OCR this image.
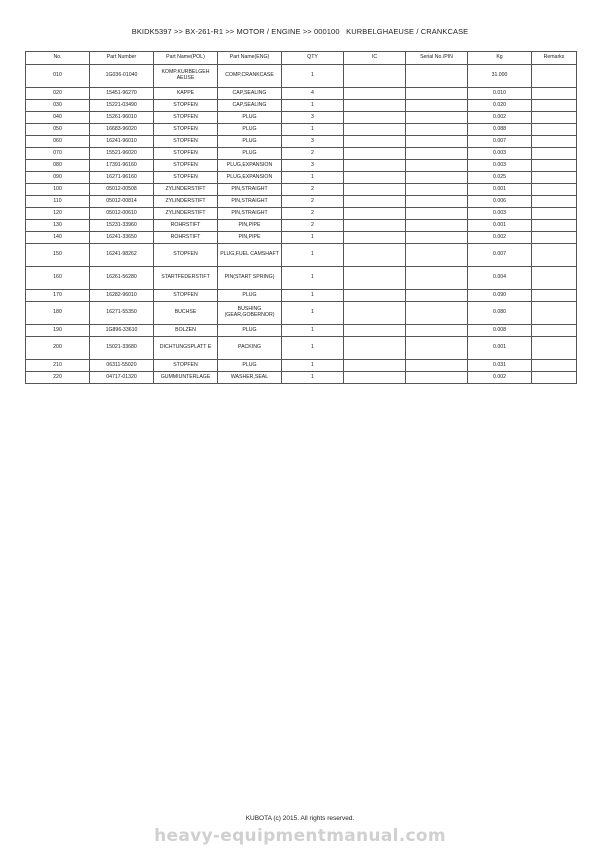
BKIDK5397 >> BX-261-R1 >> MOTOR / ENGINE >> 000100   KURBELGHAEUSE / CRANKCASE
No.	Part Number	Part Name(POL)	Part Name(ENG)	QTY	IC	Serial No./PIN	Kg	Remarks
010	1G036-01040	KOMP.KURBELGEH AEUSE	COMP,CRANKCASE	1			31.000	
020	15451-96270	KAPPE	CAP,SEALING	4			0.010	
030	15221-03490	STOPFEN	CAP,SEALING	1			0.020	
040	15261-96010	STOPFEN	PLUG	3			0.002	
050	16683-96020	STOPFEN	PLUG	1			0.088	
060	16241-96010	STOPFEN	PLUG	3			0.007	
070	15521-96020	STOPFEN	PLUG	2			0.003	
080	17391-96160	STOPFEN	PLUG,EXPANSION	3			0.003	
090	16271-96160	STOPFEN	PLUG,EXPANSION	1			0.025	
100	05012-00508	ZYLINDERSTIFT	PIN,STRAIGHT	2			0.001	
110	05012-00814	ZYLINDERSTIFT	PIN,STRAIGHT	2			0.006	
120	05012-00610	ZYLINDERSTIFT	PIN,STRAIGHT	2			0.003	
130	15231-33960	ROHRSTIFT	PIN,PIPE	2			0.001	
140	16241-33650	ROHRSTIFT	PIN,PIPE	1			0.002	
150	16241-98262	STOPFEN	PLUG,FUEL CAMSHAFT	1			0.007	
160	16261-56280	STARTFEDERSTIFT	PIN(START SPRING)	1			0.004	
170	16282-96010	STOPFEN	PLUG	1			0.090	
180	16271-55350	BUCHSE	BUSHING (GEAR,GOBERNOR)	1			0.080	
190	1G896-33610	BOLZEN	PLUG	1			0.008	
200	15021-33680	DICHTUNGSPLATT E	PACKING	1			0.001	
210	06311-55020	STOPFEN	PLUG	1			0.031	
220	04717-01320	GUMMIUNTERLAGE	WASHER,SEAL	1			0.002	
KUBOTA (c) 2015. All rights reserved.
heavy-equipmentmanual.com
